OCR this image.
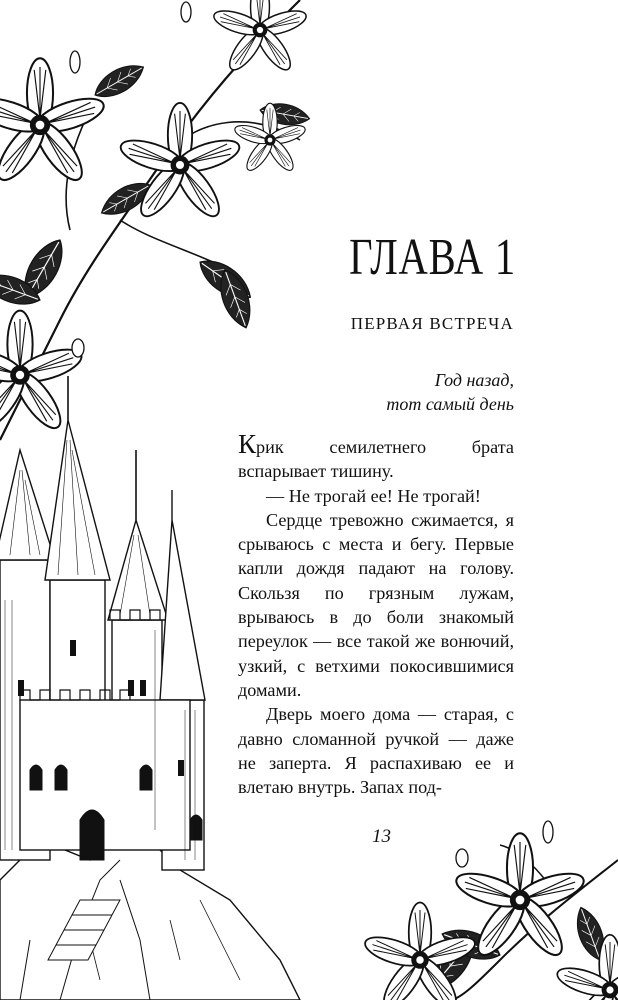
ГЛАВА 1
ПЕРВАЯ ВСТРЕЧА
Год назад,
тот самый день

Крик семилетнего брата вспарывает тишину.

— Не трогай ее! Не трогай!

Сердце тревожно сжимается, я срываюсь с места и бегу. Первые капли дождя падают на голову. Скользя по грязным лужам, врываюсь в до боли знакомый переулок — все такой же вонючий, узкий, с ветхими покосившимися домами.

Дверь моего дома — старая, с давно сломанной ручкой — даже не заперта. Я распахиваю ее и влетаю внутрь. Запах под-

13
